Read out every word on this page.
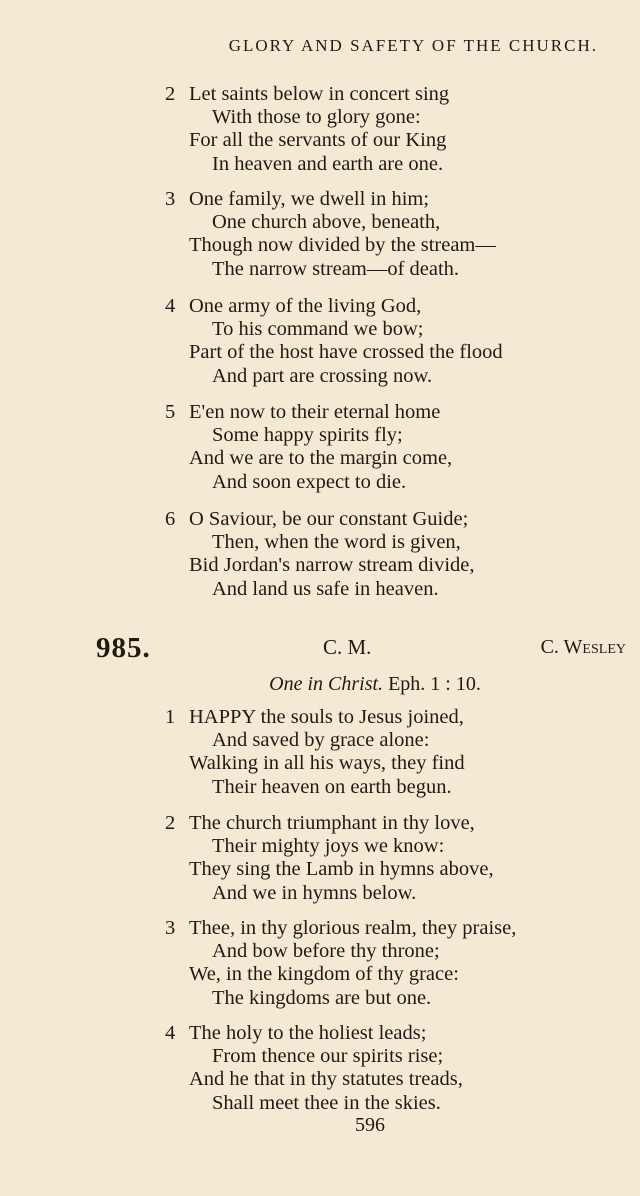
GLORY AND SAFETY OF THE CHURCH.
2 Let saints below in concert sing
With those to glory gone:
For all the servants of our King
In heaven and earth are one.
3 One family, we dwell in him;
One church above, beneath,
Though now divided by the stream—
The narrow stream—of death.
4 One army of the living God,
To his command we bow;
Part of the host have crossed the flood
And part are crossing now.
5 E'en now to their eternal home
Some happy spirits fly;
And we are to the margin come,
And soon expect to die.
6 O Saviour, be our constant Guide;
Then, when the word is given,
Bid Jordan's narrow stream divide,
And land us safe in heaven.
985.	C. M.	C. Wesley
One in Christ. Eph. 1 : 10.
1 HAPPY the souls to Jesus joined,
And saved by grace alone:
Walking in all his ways, they find
Their heaven on earth begun.
2 The church triumphant in thy love,
Their mighty joys we know:
They sing the Lamb in hymns above,
And we in hymns below.
3 Thee, in thy glorious realm, they praise,
And bow before thy throne;
We, in the kingdom of thy grace:
The kingdoms are but one.
4 The holy to the holiest leads;
From thence our spirits rise;
And he that in thy statutes treads,
Shall meet thee in the skies.
596
